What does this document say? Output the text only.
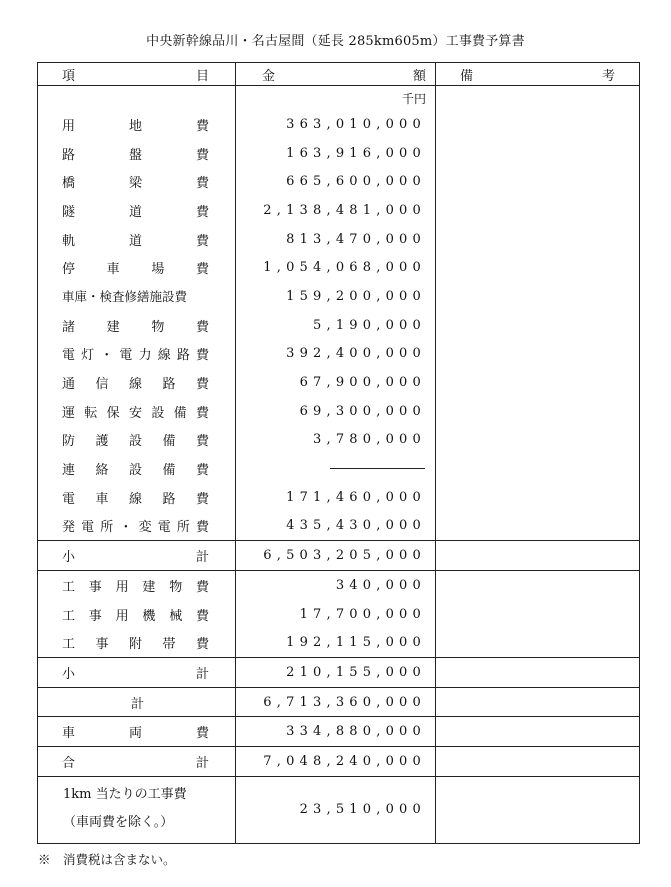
中央新幹線品川・名古屋間（延長 285km605m）工事費予算書
項 目	金 額	備 考

	千円	
用地費	363,010,000	
路盤費	163,916,000	
橋梁費	665,600,000	
隧道費	2,138,481,000	
軌道費	813,470,000	
停車場費	1,054,068,000	
車庫・検査修繕施設費	159,200,000	
諸建物費	5,190,000	
電灯・電力線路費	392,400,000	
通信線路費	67,900,000	
運転保安設備費	69,300,000	
防護設備費	3,780,000	
連絡設備費		
電車線路費	171,460,000	
発電所・変電所費	435,430,000	

小 計	6,503,205,000	
工事用建物費	340,000	
工事用機械費	17,700,000	
工事附帯費	192,115,000	

小 計	210,155,000	
計	6,713,360,000	

車 両 費	334,880,000	

合 計	7,048,240,000	

1km 当たりの工事費
（車両費を除く。）	23,510,000	
※　消費税は含まない。
